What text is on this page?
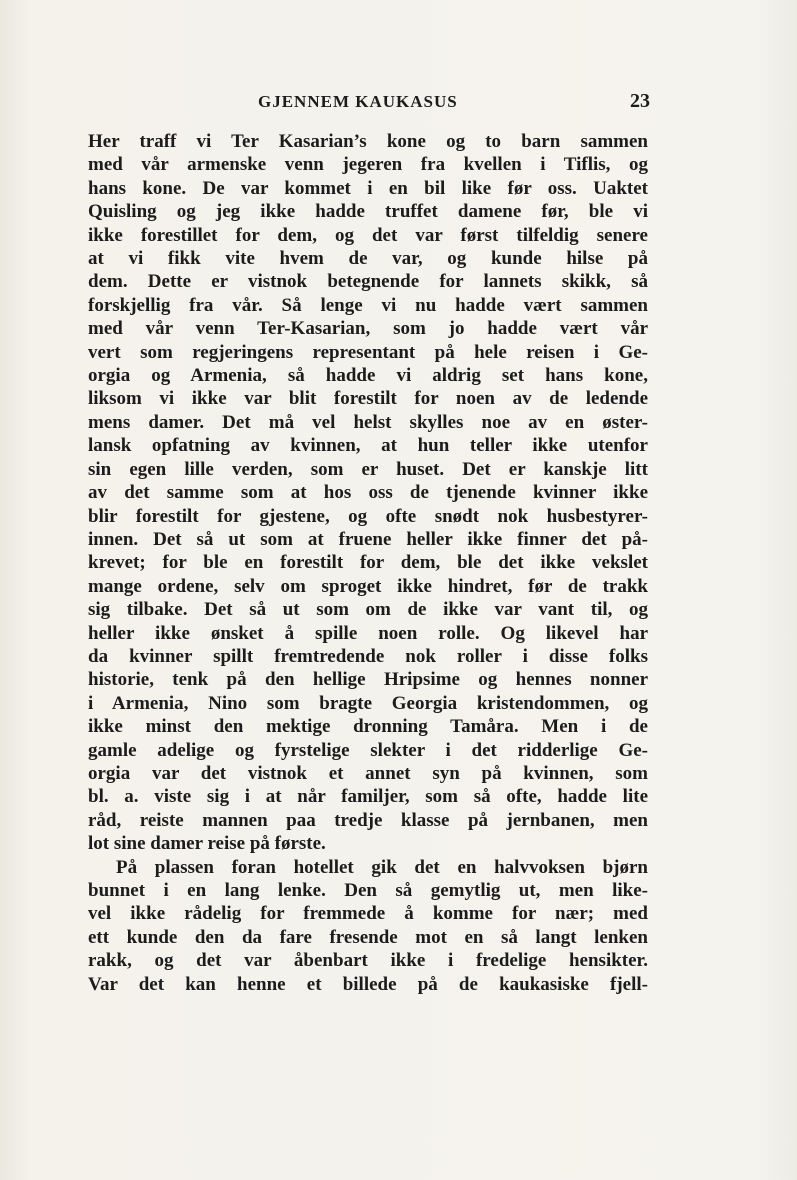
GJENNEM KAUKASUS	23
Her traff vi Ter Kasarian’s kone og to barn sammen
med vår armenske venn jegeren fra kvellen i Tiflis, og
hans kone. De var kommet i en bil like før oss. Uaktet
Quisling og jeg ikke hadde truffet damene før, ble vi
ikke forestillet for dem, og det var først tilfeldig senere
at vi fikk vite hvem de var, og kunde hilse på
dem. Dette er vistnok betegnende for lannets skikk, så
forskjellig fra vår. Så lenge vi nu hadde vært sammen
med vår venn Ter-Kasarian, som jo hadde vært vår
vert som regjeringens representant på hele reisen i Ge-
orgia og Armenia, så hadde vi aldrig set hans kone,
liksom vi ikke var blit forestilt for noen av de ledende
mens damer. Det må vel helst skylles noe av en øster-
lansk opfatning av kvinnen, at hun teller ikke utenfor
sin egen lille verden, som er huset. Det er kanskje litt
av det samme som at hos oss de tjenende kvinner ikke
blir forestilt for gjestene, og ofte snødt nok husbestyrer-
innen. Det så ut som at fruene heller ikke finner det på-
krevet; for ble en forestilt for dem, ble det ikke vekslet
mange ordene, selv om sproget ikke hindret, før de trakk
sig tilbake. Det så ut som om de ikke var vant til, og
heller ikke ønsket å spille noen rolle. Og likevel har
da kvinner spillt fremtredende nok roller i disse folks
historie, tenk på den hellige Hripsime og hennes nonner
i Armenia, Nino som bragte Georgia kristendommen, og
ikke minst den mektige dronning Tamåra. Men i de
gamle adelige og fyrstelige slekter i det ridderlige Ge-
orgia var det vistnok et annet syn på kvinnen, som
bl. a. viste sig i at når familjer, som så ofte, hadde lite
råd, reiste mannen paa tredje klasse på jernbanen, men
lot sine damer reise på første.
På plassen foran hotellet gik det en halvvoksen bjørn
bunnet i en lang lenke. Den så gemytlig ut, men like-
vel ikke rådelig for fremmede å komme for nær; med
ett kunde den da fare fresende mot en så langt lenken
rakk, og det var åbenbart ikke i fredelige hensikter.
Var det kan henne et billede på de kaukasiske fjell-
